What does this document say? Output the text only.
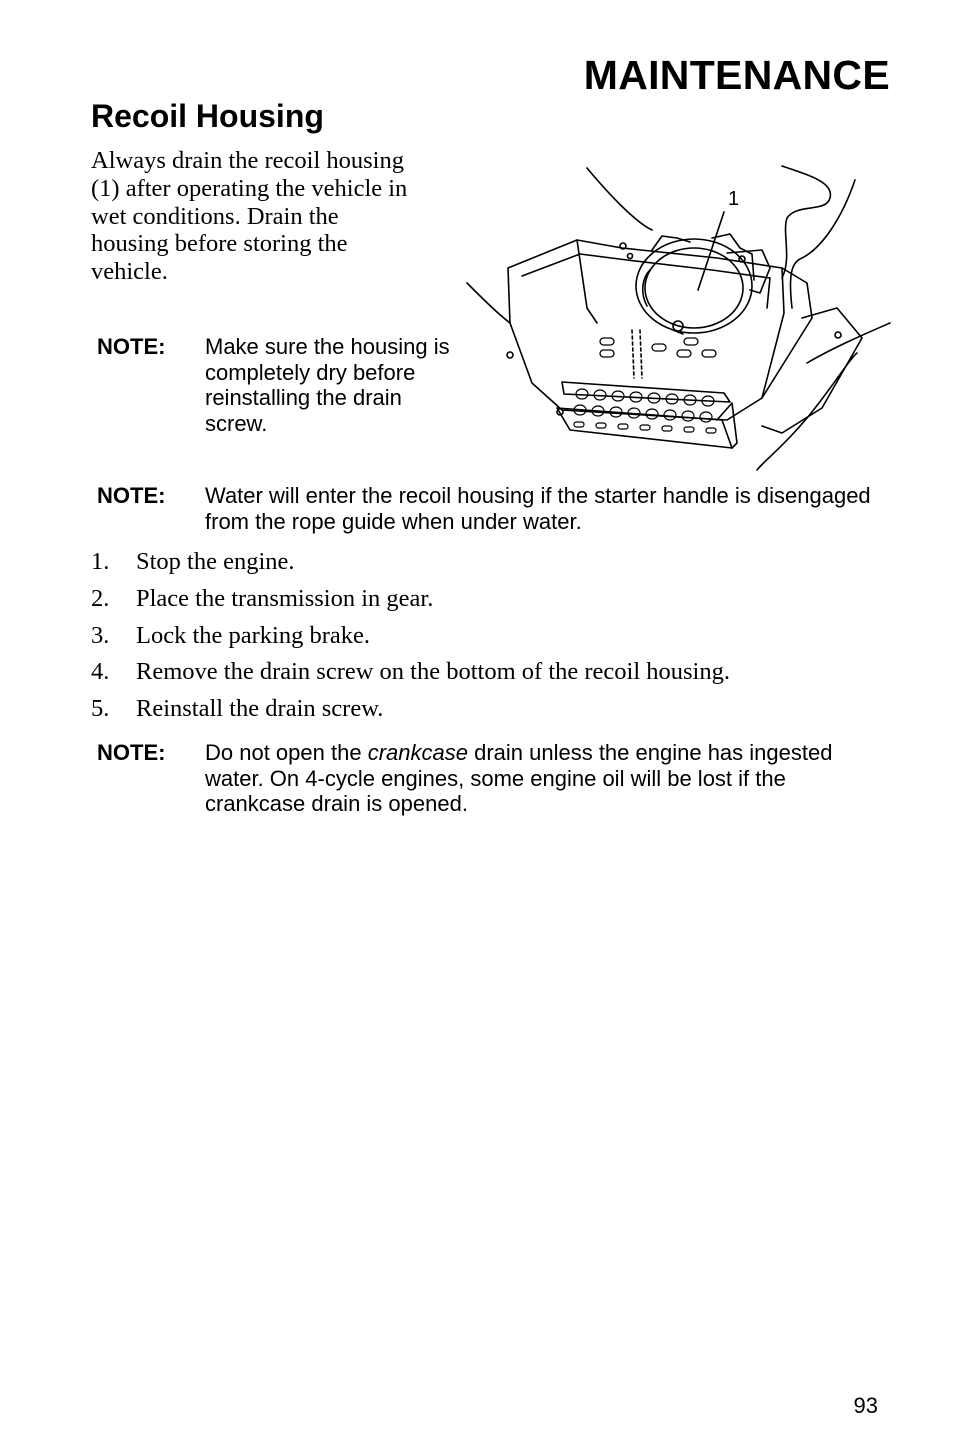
MAINTENANCE
Recoil Housing

Always drain the recoil housing (1) after operating the vehicle in wet conditions. Drain the housing before storing the vehicle.

NOTE: Make sure the housing is completely dry before reinstalling the drain screw.
1
NOTE: Water will enter the recoil housing if the starter handle is disengaged from the rope guide when under water.
1. Stop the engine.
2. Place the transmission in gear.
3. Lock the parking brake.
4. Remove the drain screw on the bottom of the recoil housing.
5. Reinstall the drain screw.
NOTE: Do not open the crankcase drain unless the engine has ingested water. On 4-cycle engines, some engine oil will be lost if the crankcase drain is opened.
93
